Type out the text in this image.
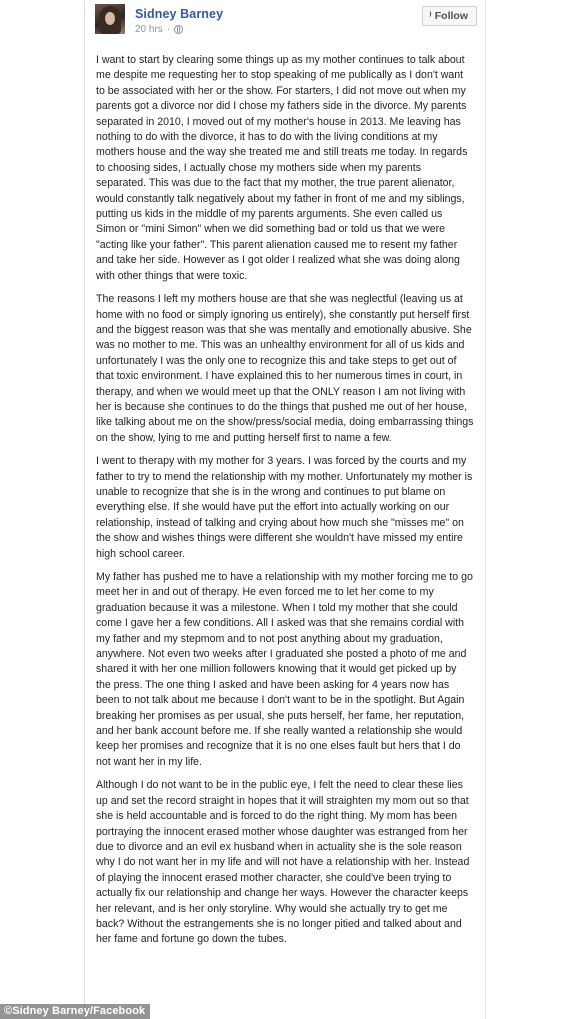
Sidney Barney
20 hrs ·
⁾ Follow

I want to start by clearing some things up as my mother continues to talk about me despite me requesting her to stop speaking of me publically as I don't want to be associated with her or the show. For starters, I did not move out when my parents got a divorce nor did I chose my fathers side in the divorce. My parents separated in 2010, I moved out of my mother's house in 2013. Me leaving has nothing to do with the divorce, it has to do with the living conditions at my mothers house and the way she treated me and still treats me today. In regards to choosing sides, I actually chose my mothers side when my parents separated. This was due to the fact that my mother, the true parent alienator, would constantly talk negatively about my father in front of me and my siblings, putting us kids in the middle of my parents arguments. She even called us Simon or "mini Simon" when we did something bad or told us that we were "acting like your father". This parent alienation caused me to resent my father and take her side. However as I got older I realized what she was doing along with other things that were toxic.

The reasons I left my mothers house are that she was neglectful (leaving us at home with no food or simply ignoring us entirely), she constantly put herself first and the biggest reason was that she was mentally and emotionally abusive. She was no mother to me. This was an unhealthy environment for all of us kids and unfortunately I was the only one to recognize this and take steps to get out of that toxic environment. I have explained this to her numerous times in court, in therapy, and when we would meet up that the ONLY reason I am not living with her is because she continues to do the things that pushed me out of her house, like talking about me on the show/press/social media, doing embarrassing things on the show, lying to me and putting herself first to name a few.

I went to therapy with my mother for 3 years. I was forced by the courts and my father to try to mend the relationship with my mother. Unfortunately my mother is unable to recognize that she is in the wrong and continues to put blame on everything else. If she would have put the effort into actually working on our relationship, instead of talking and crying about how much she "misses me" on the show and wishes things were different she wouldn't have missed my entire high school career.

My father has pushed me to have a relationship with my mother forcing me to go meet her in and out of therapy. He even forced me to let her come to my graduation because it was a milestone. When I told my mother that she could come I gave her a few conditions. All I asked was that she remains cordial with my father and my stepmom and to not post anything about my graduation, anywhere. Not even two weeks after I graduated she posted a photo of me and shared it with her one million followers knowing that it would get picked up by the press. The one thing I asked and have been asking for 4 years now has been to not talk about me because I don't want to be in the spotlight. But Again breaking her promises as per usual, she puts herself, her fame, her reputation, and her bank account before me. If she really wanted a relationship she would keep her promises and recognize that it is no one elses fault but hers that I do not want her in my life.

Although I do not want to be in the public eye, I felt the need to clear these lies up and set the record straight in hopes that it will straighten my mom out so that she is held accountable and is forced to do the right thing. My mom has been portraying the innocent erased mother whose daughter was estranged from her due to divorce and an evil ex husband when in actuality she is the sole reason why I do not want her in my life and will not have a relationship with her. Instead of playing the innocent erased mother character, she could've been trying to actually fix our relationship and change her ways. However the character keeps her relevant, and is her only storyline. Why would she actually try to get me back? Without the estrangements she is no longer pitied and talked about and her fame and fortune go down the tubes.

©Sidney Barney/Facebook
